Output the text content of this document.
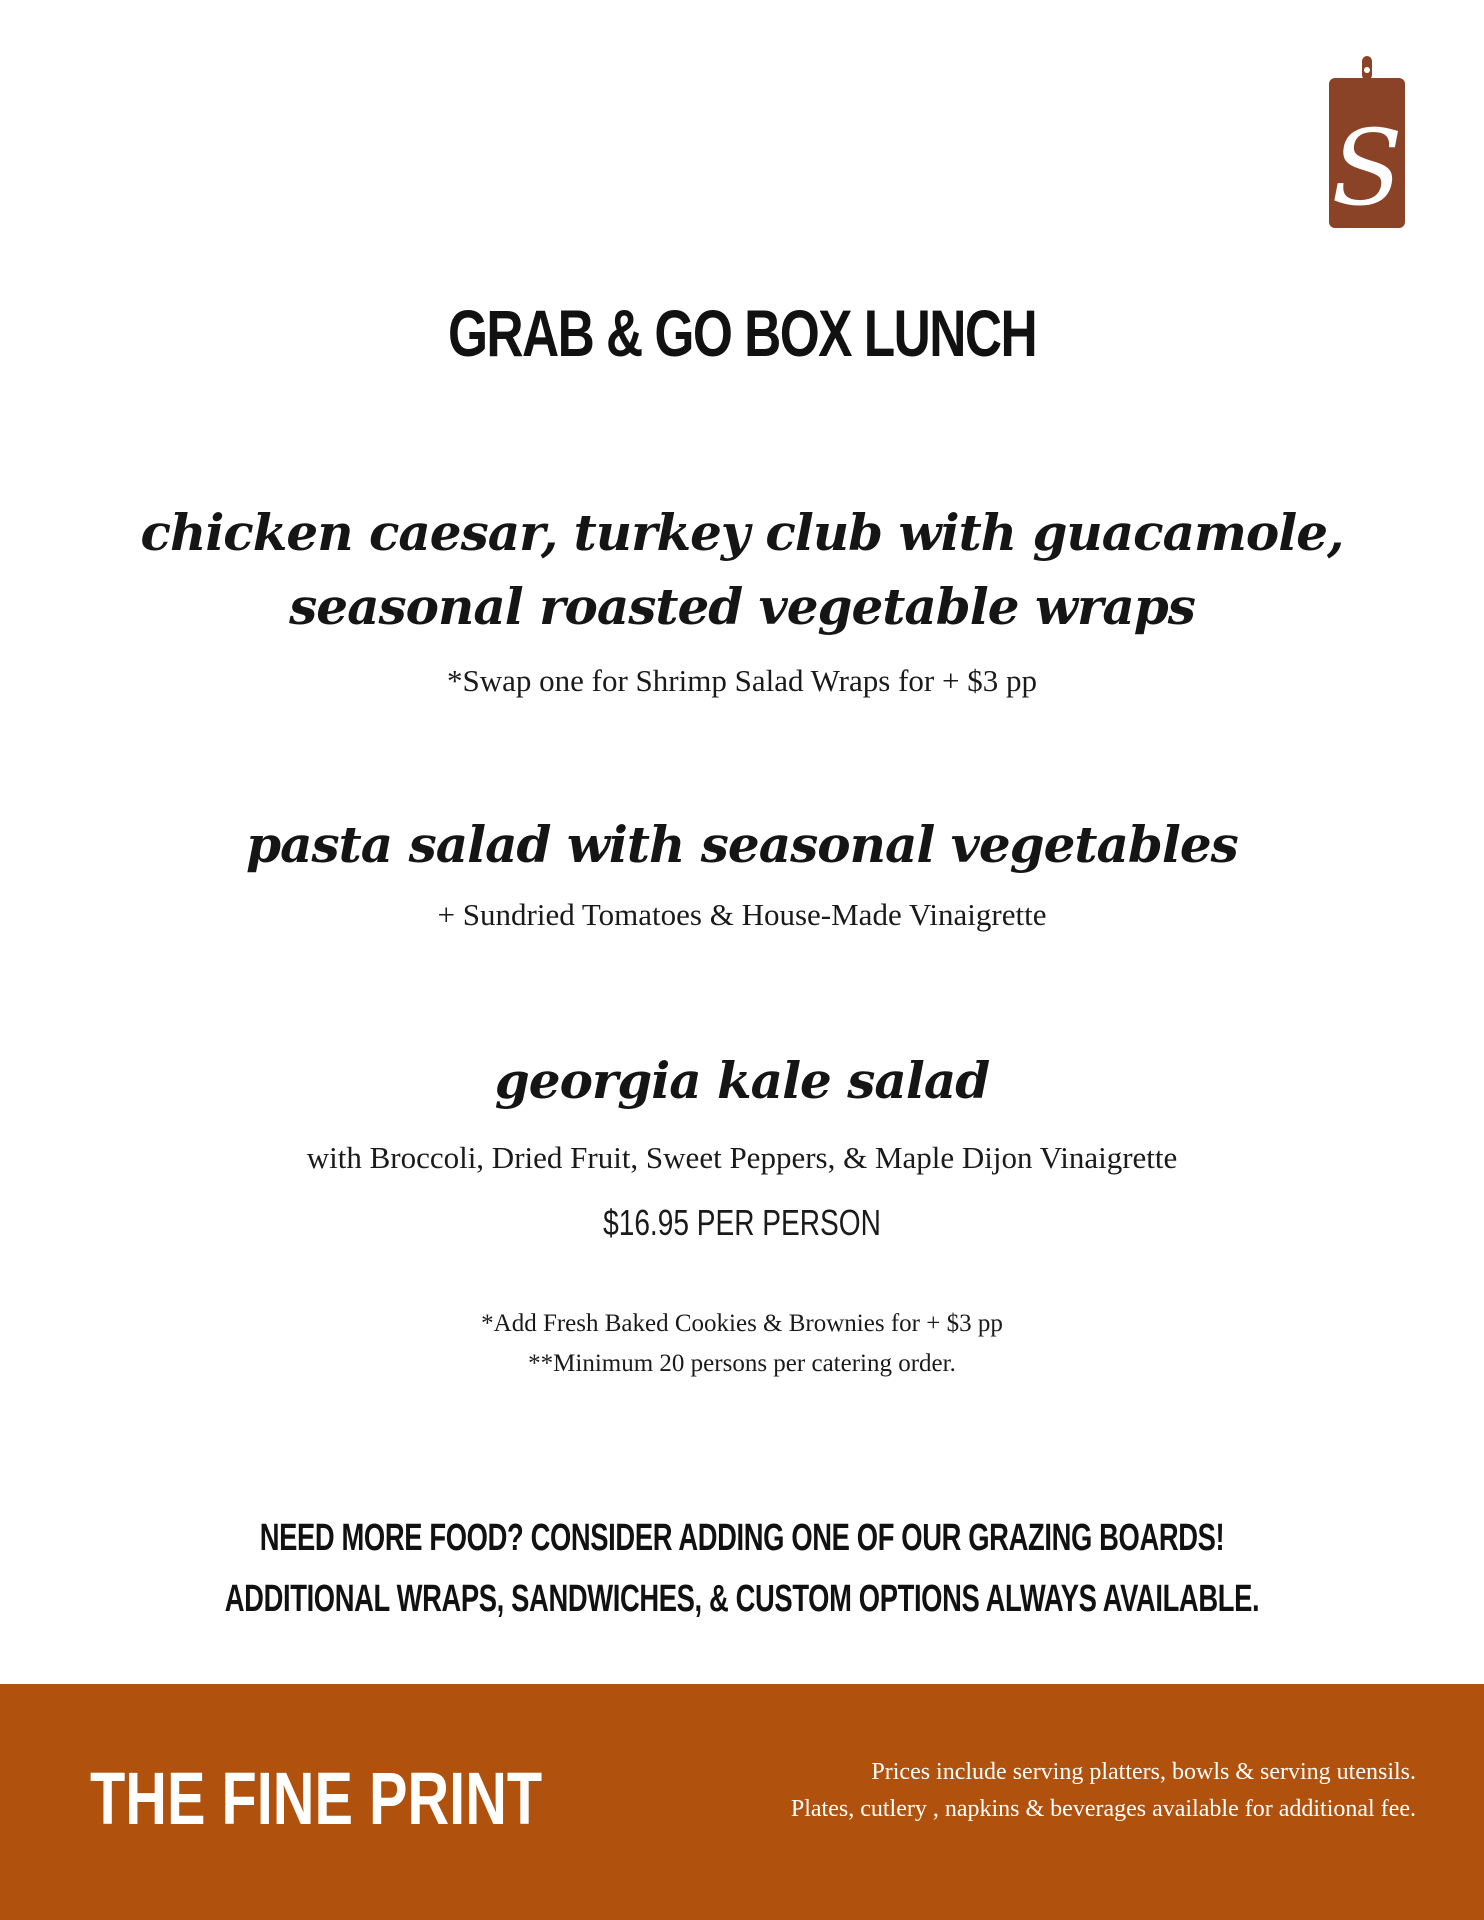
S
GRAB & GO BOX LUNCH
chicken caesar, turkey club with guacamole,
seasonal roasted vegetable wraps
*Swap one for Shrimp Salad Wraps for + $3 pp
pasta salad with seasonal vegetables
+ Sundried Tomatoes & House-Made Vinaigrette
georgia kale salad
with Broccoli, Dried Fruit, Sweet Peppers, & Maple Dijon Vinaigrette
$16.95 PER PERSON
*Add Fresh Baked Cookies & Brownies for + $3 pp
**Minimum 20 persons per catering order.
NEED MORE FOOD? CONSIDER ADDING ONE OF OUR GRAZING BOARDS!
ADDITIONAL WRAPS, SANDWICHES, & CUSTOM OPTIONS ALWAYS AVAILABLE.
THE FINE PRINT	Prices include serving platters, bowls & serving utensils.
Plates, cutlery , napkins & beverages available for additional fee.
